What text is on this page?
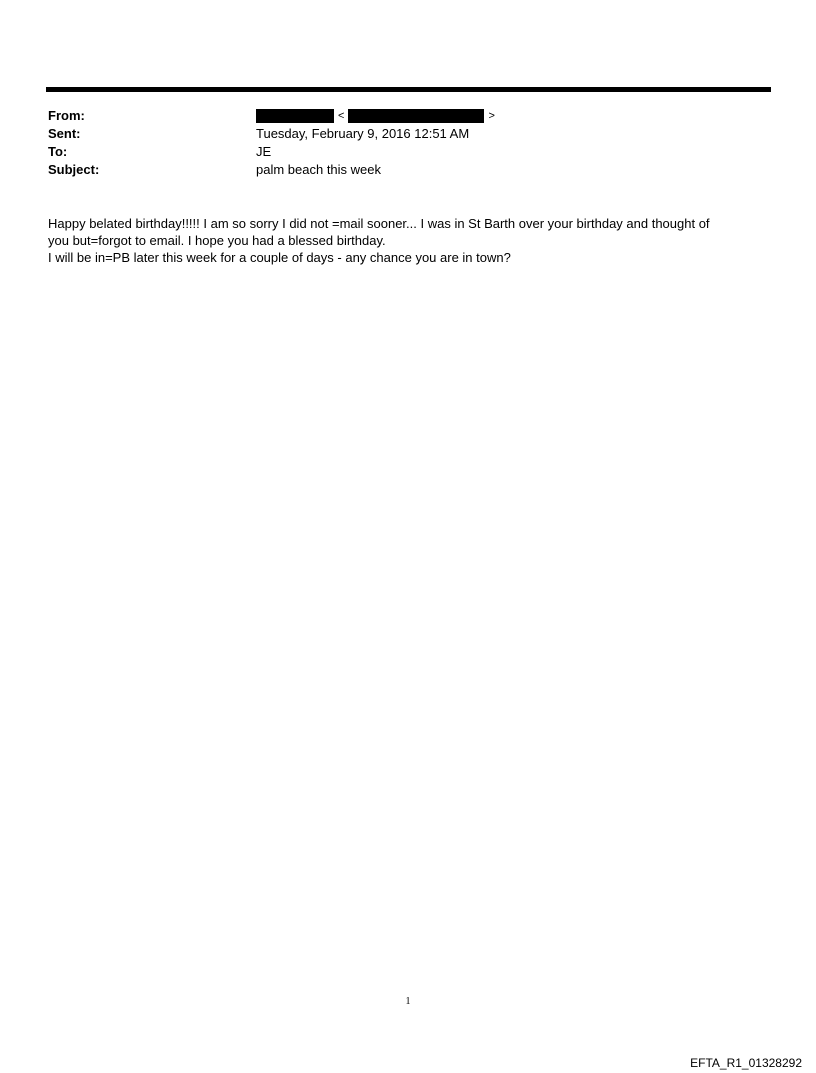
From:	<	>
Sent:	Tuesday, February 9, 2016 12:51 AM
To:	JE
Subject:	palm beach this week

Happy belated birthday!!!!! I am so sorry I did not =mail sooner... I was in St Barth over your birthday and thought of

you but=forgot to email. I hope you had a blessed birthday.

I will be in=PB later this week for a couple of days - any chance you are in town?

1
EFTA_R1_01328292
